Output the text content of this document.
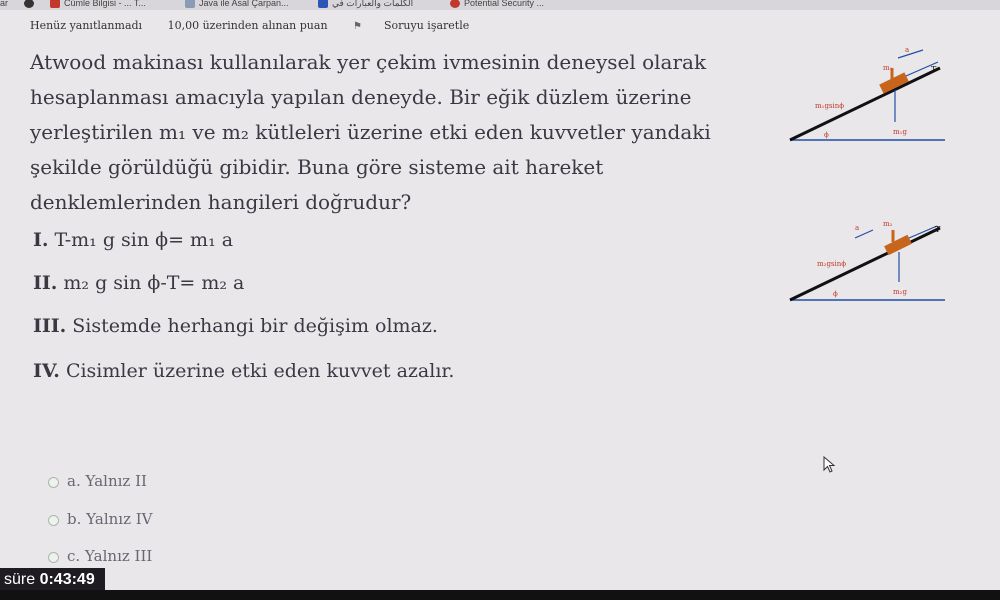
ar	Cümle Bilgisi - ... T...	Java ile Asal Çarpan...	الكلمات والعبارات في	Potential Security ...
Henüz yanıtlanmadı 10,00 üzerinden alınan puan	⚑ Soruyu işaretle
Atwood makinası kullanılarak yer çekim ivmesinin deneysel olarak hesaplanması amacıyla yapılan deneyde. Bir eğik düzlem üzerine yerleştirilen m₁ ve m₂ kütleleri üzerine etki eden kuvvetler yandaki şekilde görüldüğü gibidir. Buna göre sisteme ait hareket denklemlerinden hangileri doğrudur?
I. T-m₁ g sin ϕ= m₁ a
II. m₂ g sin ϕ-T= m₂ a
III. Sistemde herhangi bir değişim olmaz.
IV. Cisimler üzerine etki eden kuvvet azalır.
a. Yalnız II
b. Yalnız IV
c. Yalnız III
T
a
m₁
m₁g
m₁gsinϕ
ϕ
T
a	m₂
m₂g
m₂gsinϕ
ϕ
süre 0:43:49
